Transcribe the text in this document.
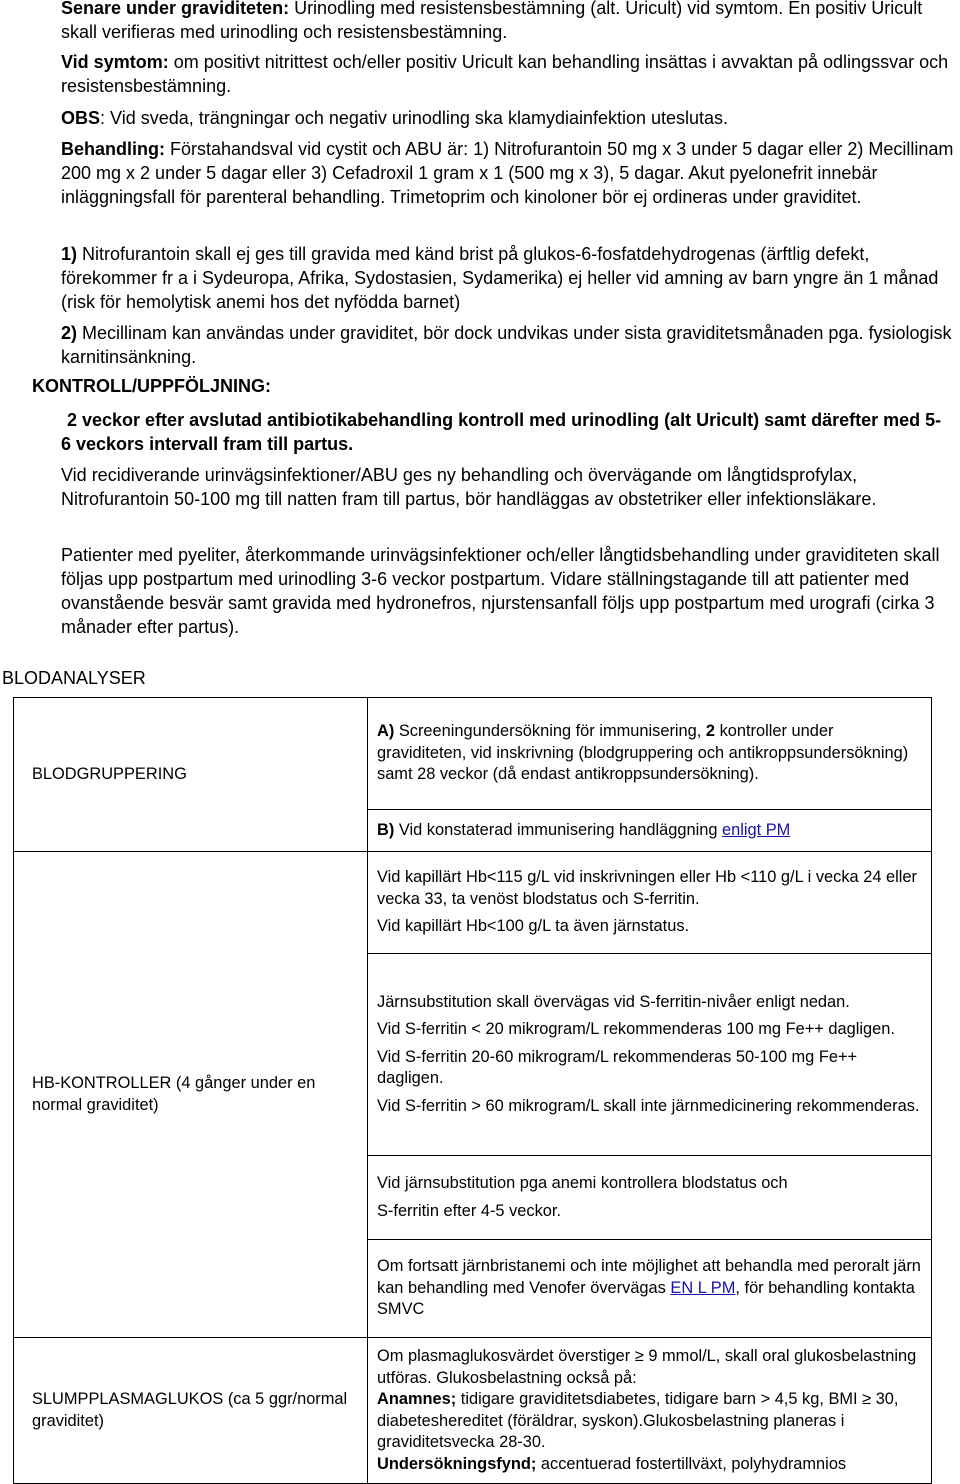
Senare under graviditeten: Urinodling med resistensbestämning (alt. Uricult) vid symtom. En positiv Uricult skall verifieras med urinodling och resistensbestämning.

Vid symtom: om positivt nitrittest och/eller positiv Uricult kan behandling insättas i avvaktan på odlingssvar och resistensbestämning.

OBS: Vid sveda, trängningar och negativ urinodling ska klamydiainfektion uteslutas.

Behandling: Förstahandsval vid cystit och ABU är: 1) Nitrofurantoin 50 mg x 3 under 5 dagar eller 2) Mecillinam 200 mg x 2 under 5 dagar eller 3) Cefadroxil 1 gram x 1 (500 mg x 3), 5 dagar. Akut pyelonefrit innebär inläggningsfall för parenteral behandling. Trimetoprim och kinoloner bör ej ordineras under graviditet.

1) Nitrofurantoin skall ej ges till gravida med känd brist på glukos-6-fosfatdehydrogenas (ärftlig defekt, förekommer fr a i Sydeuropa, Afrika, Sydostasien, Sydamerika) ej heller vid amning av barn yngre än 1 månad (risk för hemolytisk anemi hos det nyfödda barnet)

2) Mecillinam kan användas under graviditet, bör dock undvikas under sista graviditetsmånaden pga. fysiologisk karnitinsänkning.

KONTROLL/UPPFÖLJNING:

2 veckor efter avslutad antibiotikabehandling kontroll med urinodling (alt Uricult) samt därefter med 5-6 veckors intervall fram till partus.

Vid recidiverande urinvägsinfektioner/ABU ges ny behandling och övervägande om långtidsprofylax, Nitrofurantoin 50-100 mg till natten fram till partus, bör handläggas av obstetriker eller infektionsläkare.

Patienter med pyeliter, återkommande urinvägsinfektioner och/eller långtidsbehandling under graviditeten skall följas upp postpartum med urinodling 3-6 veckor postpartum. Vidare ställningstagande till att patienter med ovanstående besvär samt gravida med hydronefros, njurstensanfall följs upp postpartum med urografi (cirka 3 månader efter partus).

BLODANALYSER

BLODGRUPPERING	A) Screeningundersökning för immunisering, 2 kontroller under graviditeten, vid inskrivning (blodgruppering och antikroppsundersökning) samt 28 veckor (då endast antikroppsundersökning).

	B) Vid konstaterad immunisering handläggning enligt PM

HB-KONTROLLER (4 gånger under en normal graviditet)	Vid kapillärt Hb<115 g/L vid inskrivningen eller Hb <110 g/L i vecka 24 eller vecka 33, ta venöst blodstatus och S-ferritin.

Vid kapillärt Hb<100 g/L ta även järnstatus.

	Järnsubstitution skall övervägas vid S-ferritin-nivåer enligt nedan.

Vid S-ferritin < 20 mikrogram/L rekommenderas 100 mg Fe++ dagligen.

Vid S-ferritin 20-60 mikrogram/L rekommenderas 50-100 mg Fe++ dagligen.

Vid S-ferritin > 60 mikrogram/L skall inte järnmedicinering rekommenderas.

	Vid järnsubstitution pga anemi kontrollera blodstatus och

S-ferritin efter 4-5 veckor.

	Om fortsatt järnbristanemi och inte möjlighet att behandla med peroralt järn kan behandling med Venofer övervägas EN L PM, för behandling kontakta SMVC

SLUMPPLASMAGLUKOS (ca 5 ggr/normal graviditet)	Om plasmaglukosvärdet överstiger ≥ 9 mmol/L, skall oral glukosbelastning utföras. Glukosbelastning också på:
Anamnes; tidigare graviditetsdiabetes, tidigare barn > 4,5 kg, BMI ≥ 30, diabeteshereditet (föräldrar, syskon).Glukosbelastning planeras i graviditetsvecka 28-30.
Undersökningsfynd; accentuerad fostertillväxt, polyhydramnios
